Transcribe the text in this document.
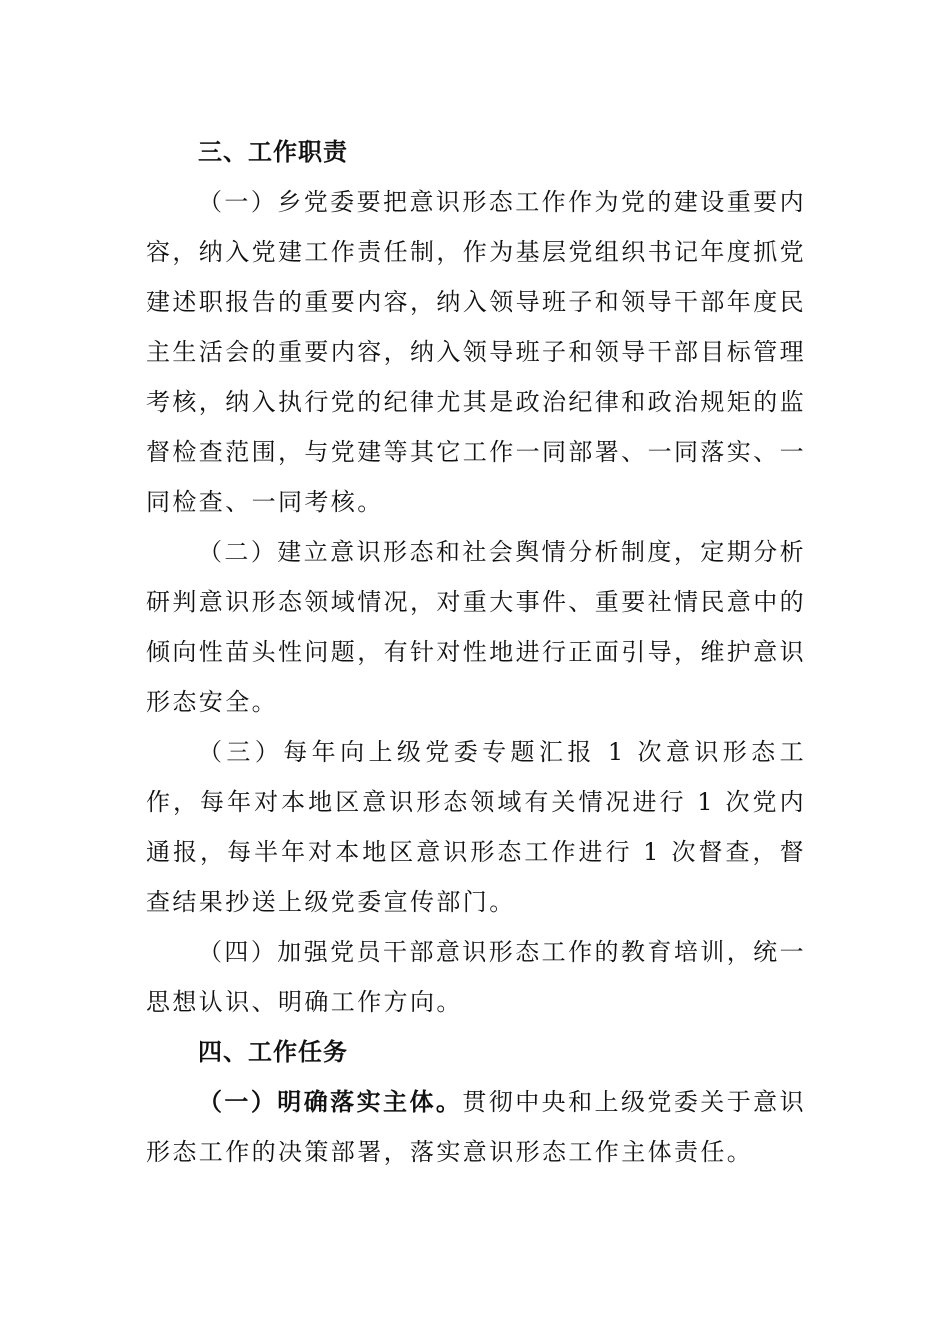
三、工作职责

（一）乡党委要把意识形态工作作为党的建设重要内容，纳入党建工作责任制，作为基层党组织书记年度抓党建述职报告的重要内容，纳入领导班子和领导干部年度民主生活会的重要内容，纳入领导班子和领导干部目标管理考核，纳入执行党的纪律尤其是政治纪律和政治规矩的监督检查范围，与党建等其它工作一同部署、一同落实、一同检查、一同考核。

（二）建立意识形态和社会舆情分析制度，定期分析研判意识形态领域情况，对重大事件、重要社情民意中的倾向性苗头性问题，有针对性地进行正面引导，维护意识形态安全。

（三）每年向上级党委专题汇报 1 次意识形态工作，每年对本地区意识形态领域有关情况进行 1 次党内通报，每半年对本地区意识形态工作进行 1 次督查，督查结果抄送上级党委宣传部门。

（四）加强党员干部意识形态工作的教育培训，统一思想认识、明确工作方向。

四、工作任务

（一）明确落实主体。贯彻中央和上级党委关于意识形态工作的决策部署，落实意识形态工作主体责任。
